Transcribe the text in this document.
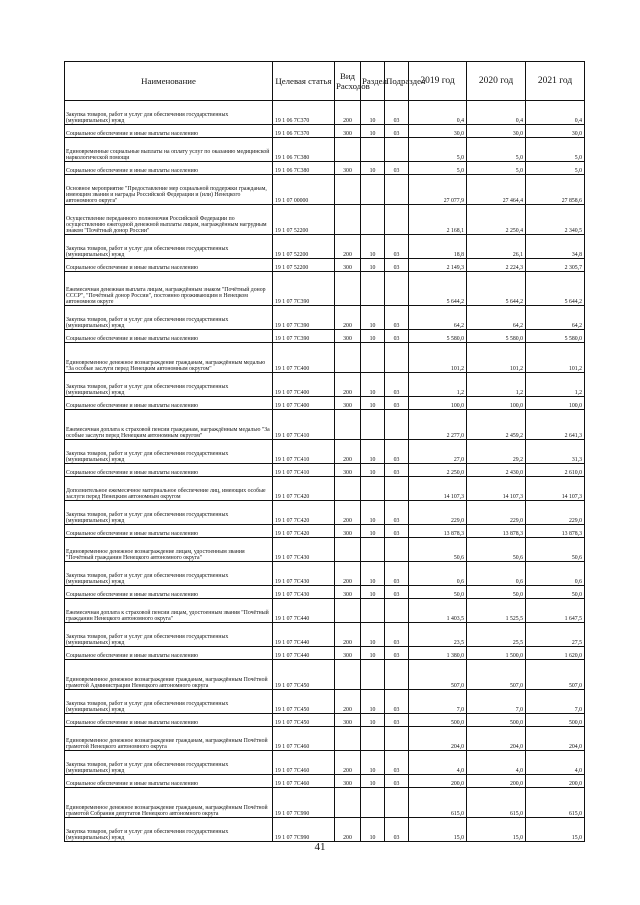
Наименование	Целевая статья	Вид Расходов	Раздел	Подраздел	2019 год	2020 год	2021 год
Закупка товаров, работ и услуг для обеспечения государственных (муниципальных) нужд	19 1 06 7С370	200	10	03	0,4	0,4	0,4
Социальное обеспечение и иные выплаты населению	19 1 06 7С370	300	10	03	30,0	30,0	30,0
Единовременные социальные выплаты на оплату услуг по оказанию медицинской наркологической помощи	19 1 06 7С380				5,0	5,0	5,0
Социальное обеспечение и иные выплаты населению	19 1 06 7С380	300	10	03	5,0	5,0	5,0
Основное мероприятие "Предоставление мер социальной поддержки гражданам, имеющим звания и награды Российской Федерации и (или) Ненецкого автономного округа"	19 1 07 00000				27 077,9	27 464,4	27 858,6
Осуществление переданного полномочия Российской Федерации по осуществлению ежегодной денежной выплаты лицам, награждённым нагрудным знаком "Почётный донор России"	19 1 07 52200				2 168,1	2 250,4	2 340,5
Закупка товаров, работ и услуг для обеспечения государственных (муниципальных) нужд	19 1 07 52200	200	10	03	18,8	26,1	34,8
Социальное обеспечение и иные выплаты населению	19 1 07 52200	300	10	03	2 149,3	2 224,3	2 305,7
Ежемесячная денежная выплата лицам, награждённым знаком "Почётный донор СССР", "Почётный донор России", постоянно проживающим в Ненецком автономном округе	19 1 07 7С390				5 644,2	5 644,2	5 644,2
Закупка товаров, работ и услуг для обеспечения государственных (муниципальных) нужд	19 1 07 7С390	200	10	03	64,2	64,2	64,2
Социальное обеспечение и иные выплаты населению	19 1 07 7С390	300	10	03	5 580,0	5 580,0	5 580,0
Единовременное денежное вознаграждение гражданам, награждённым медалью "За особые заслуги перед Ненецким автономным округом"	19 1 07 7С400				101,2	101,2	101,2
Закупка товаров, работ и услуг для обеспечения государственных (муниципальных) нужд	19 1 07 7С400	200	10	03	1,2	1,2	1,2
Социальное обеспечение и иные выплаты населению	19 1 07 7С400	300	10	03	100,0	100,0	100,0
Ежемесячная доплата к страховой пенсии гражданам, награждённым медалью "За особые заслуги перед Ненецким автономным округом"	19 1 07 7С410				2 277,0	2 459,2	2 641,3
Закупка товаров, работ и услуг для обеспечения государственных (муниципальных) нужд	19 1 07 7С410	200	10	03	27,0	29,2	31,3
Социальное обеспечение и иные выплаты населению	19 1 07 7С410	300	10	03	2 250,0	2 430,0	2 610,0
Дополнительное ежемесячное материальное обеспечение лиц, имеющих особые заслуги перед Ненецким автономным округом	19 1 07 7С420				14 107,3	14 107,3	14 107,3
Закупка товаров, работ и услуг для обеспечения государственных (муниципальных) нужд	19 1 07 7С420	200	10	03	229,0	229,0	229,0
Социальное обеспечение и иные выплаты населению	19 1 07 7С420	300	10	03	13 878,3	13 878,3	13 878,3
Единовременное денежное вознаграждение лицам, удостоенным звания "Почётный гражданин Ненецкого автономного округа"	19 1 07 7С430				50,6	50,6	50,6
Закупка товаров, работ и услуг для обеспечения государственных (муниципальных) нужд	19 1 07 7С430	200	10	03	0,6	0,6	0,6
Социальное обеспечение и иные выплаты населению	19 1 07 7С430	300	10	03	50,0	50,0	50,0
Ежемесячная доплата к страховой пенсии лицам, удостоенным звания "Почётный гражданин Ненецкого автономного округа"	19 1 07 7С440				1 403,5	1 525,5	1 647,5
Закупка товаров, работ и услуг для обеспечения государственных (муниципальных) нужд	19 1 07 7С440	200	10	03	23,5	25,5	27,5
Социальное обеспечение и иные выплаты населению	19 1 07 7С440	300	10	03	1 380,0	1 500,0	1 620,0
Единовременное денежное вознаграждение гражданам, награждённым Почётной грамотой Администрации Ненецкого автономного округа	19 1 07 7С450				507,0	507,0	507,0
Закупка товаров, работ и услуг для обеспечения государственных (муниципальных) нужд	19 1 07 7С450	200	10	03	7,0	7,0	7,0
Социальное обеспечение и иные выплаты населению	19 1 07 7С450	300	10	03	500,0	500,0	500,0
Единовременное денежное вознаграждение гражданам, награждённым Почётной грамотой Ненецкого автономного округа	19 1 07 7С460				204,0	204,0	204,0
Закупка товаров, работ и услуг для обеспечения государственных (муниципальных) нужд	19 1 07 7С460	200	10	03	4,0	4,0	4,0
Социальное обеспечение и иные выплаты населению	19 1 07 7С460	300	10	03	200,0	200,0	200,0
Единовременное денежное вознаграждение гражданам, награждённым Почётной грамотой Собрания депутатов Ненецкого автономного округа	19 1 07 7С990				615,0	615,0	615,0
Закупка товаров, работ и услуг для обеспечения государственных (муниципальных) нужд	19 1 07 7С990	200	10	03	15,0	15,0	15,0
41
